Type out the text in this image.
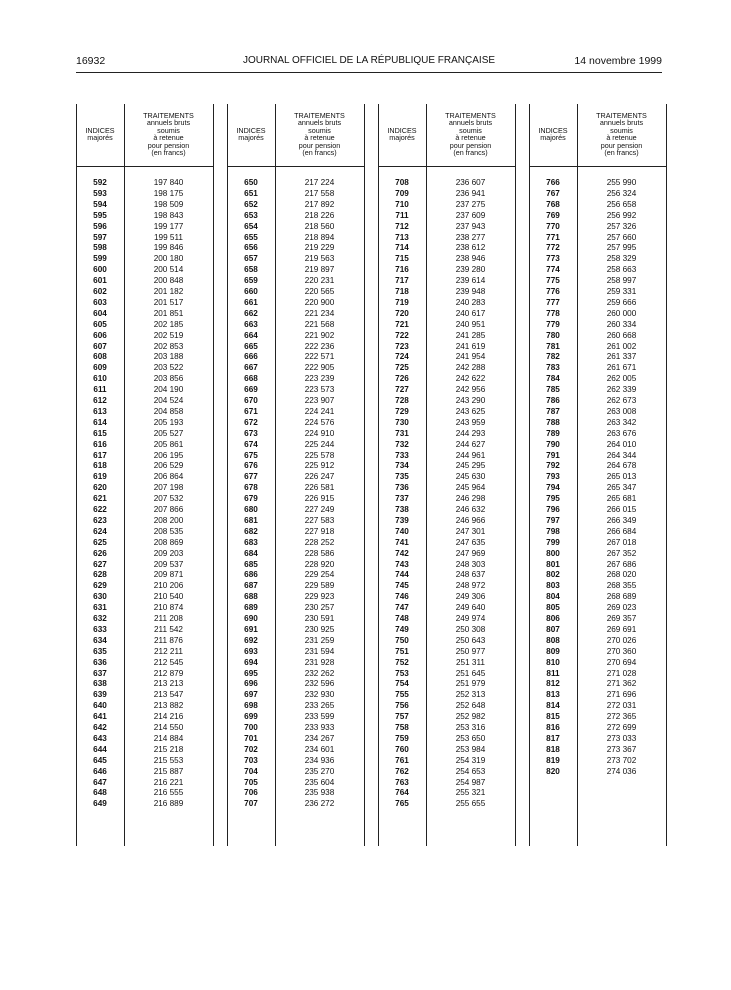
16932	JOURNAL OFFICIEL DE LA RÉPUBLIQUE FRANÇAISE	14 novembre 1999
INDICES
majorés
TRAITEMENTS
annuels bruts
soumis
à retenue
pour pension
(en francs)
592	197 840
593	198 175
594	198 509
595	198 843
596	199 177
597	199 511
598	199 846
599	200 180
600	200 514
601	200 848
602	201 182
603	201 517
604	201 851
605	202 185
606	202 519
607	202 853
608	203 188
609	203 522
610	203 856
611	204 190
612	204 524
613	204 858
614	205 193
615	205 527
616	205 861
617	206 195
618	206 529
619	206 864
620	207 198
621	207 532
622	207 866
623	208 200
624	208 535
625	208 869
626	209 203
627	209 537
628	209 871
629	210 206
630	210 540
631	210 874
632	211 208
633	211 542
634	211 876
635	212 211
636	212 545
637	212 879
638	213 213
639	213 547
640	213 882
641	214 216
642	214 550
643	214 884
644	215 218
645	215 553
646	215 887
647	216 221
648	216 555
649	216 889
INDICES
majorés
TRAITEMENTS
annuels bruts
soumis
à retenue
pour pension
(en francs)
650	217 224
651	217 558
652	217 892
653	218 226
654	218 560
655	218 894
656	219 229
657	219 563
658	219 897
659	220 231
660	220 565
661	220 900
662	221 234
663	221 568
664	221 902
665	222 236
666	222 571
667	222 905
668	223 239
669	223 573
670	223 907
671	224 241
672	224 576
673	224 910
674	225 244
675	225 578
676	225 912
677	226 247
678	226 581
679	226 915
680	227 249
681	227 583
682	227 918
683	228 252
684	228 586
685	228 920
686	229 254
687	229 589
688	229 923
689	230 257
690	230 591
691	230 925
692	231 259
693	231 594
694	231 928
695	232 262
696	232 596
697	232 930
698	233 265
699	233 599
700	233 933
701	234 267
702	234 601
703	234 936
704	235 270
705	235 604
706	235 938
707	236 272
INDICES
majorés
TRAITEMENTS
annuels bruts
soumis
à retenue
pour pension
(en francs)
708	236 607
709	236 941
710	237 275
711	237 609
712	237 943
713	238 277
714	238 612
715	238 946
716	239 280
717	239 614
718	239 948
719	240 283
720	240 617
721	240 951
722	241 285
723	241 619
724	241 954
725	242 288
726	242 622
727	242 956
728	243 290
729	243 625
730	243 959
731	244 293
732	244 627
733	244 961
734	245 295
735	245 630
736	245 964
737	246 298
738	246 632
739	246 966
740	247 301
741	247 635
742	247 969
743	248 303
744	248 637
745	248 972
746	249 306
747	249 640
748	249 974
749	250 308
750	250 643
751	250 977
752	251 311
753	251 645
754	251 979
755	252 313
756	252 648
757	252 982
758	253 316
759	253 650
760	253 984
761	254 319
762	254 653
763	254 987
764	255 321
765	255 655
INDICES
majorés
TRAITEMENTS
annuels bruts
soumis
à retenue
pour pension
(en francs)
766	255 990
767	256 324
768	256 658
769	256 992
770	257 326
771	257 660
772	257 995
773	258 329
774	258 663
775	258 997
776	259 331
777	259 666
778	260 000
779	260 334
780	260 668
781	261 002
782	261 337
783	261 671
784	262 005
785	262 339
786	262 673
787	263 008
788	263 342
789	263 676
790	264 010
791	264 344
792	264 678
793	265 013
794	265 347
795	265 681
796	266 015
797	266 349
798	266 684
799	267 018
800	267 352
801	267 686
802	268 020
803	268 355
804	268 689
805	269 023
806	269 357
807	269 691
808	270 026
809	270 360
810	270 694
811	271 028
812	271 362
813	271 696
814	272 031
815	272 365
816	272 699
817	273 033
818	273 367
819	273 702
820	274 036
